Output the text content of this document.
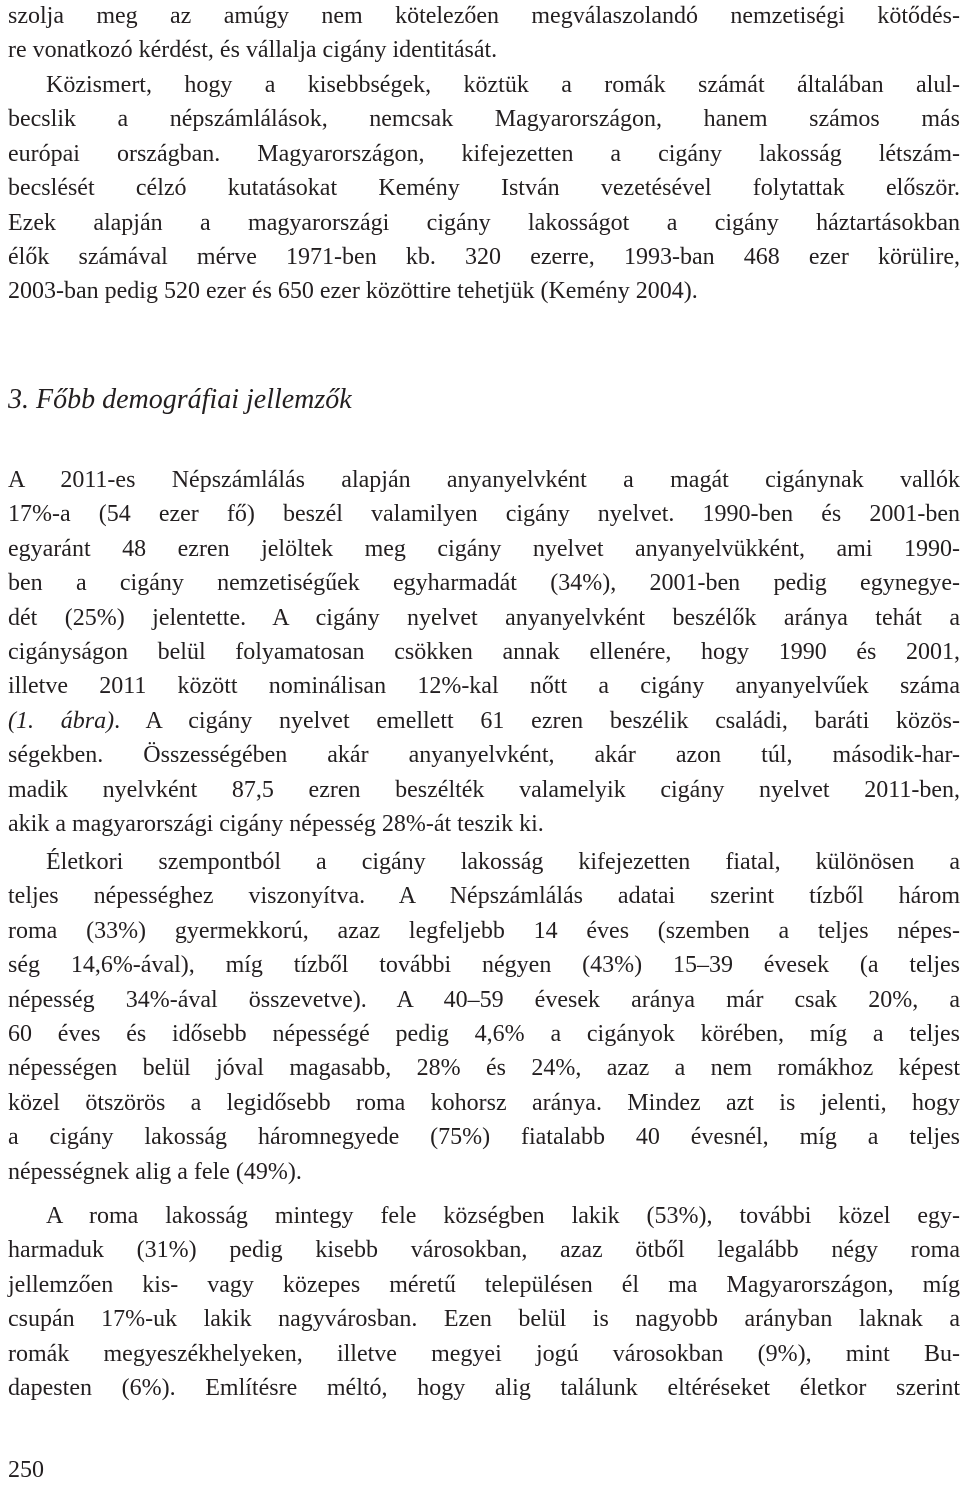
szolja meg az amúgy nem kötelezően megválaszolandó nemzetiségi kötődés-
re vonatkozó kérdést, és vállalja cigány identitását.
Közismert, hogy a kisebbségek, köztük a romák számát általában alul-
becslik a népszámlálások, nemcsak Magyarországon, hanem számos más
európai országban. Magyarországon, kifejezetten a cigány lakosság létszám-
becslését célzó kutatásokat Kemény István vezetésével folytattak először.
Ezek alapján a magyarországi cigány lakosságot a cigány háztartásokban
élők számával mérve 1971-ben kb. 320 ezerre, 1993-ban 468 ezer körülire,
2003-ban pedig 520 ezer és 650 ezer közöttire tehetjük (Kemény 2004).
3. Főbb demográfiai jellemzők
A 2011-es Népszámlálás alapján anyanyelvként a magát cigánynak vallók
17%-a (54 ezer fő) beszél valamilyen cigány nyelvet. 1990-ben és 2001-ben
egyaránt 48 ezren jelöltek meg cigány nyelvet anyanyelvükként, ami 1990-
ben a cigány nemzetiségűek egyharmadát (34%), 2001-ben pedig egynegye-
dét (25%) jelentette. A cigány nyelvet anyanyelvként beszélők aránya tehát a
cigányságon belül folyamatosan csökken annak ellenére, hogy 1990 és 2001,
illetve 2011 között nominálisan 12%-kal nőtt a cigány anyanyelvűek száma
(1. ábra). A cigány nyelvet emellett 61 ezren beszélik családi, baráti közös-
ségekben. Összességében akár anyanyelvként, akár azon túl, második-har-
madik nyelvként 87,5 ezren beszélték valamelyik cigány nyelvet 2011-ben,
akik a magyarországi cigány népesség 28%-át teszik ki.
Életkori szempontból a cigány lakosság kifejezetten fiatal, különösen a
teljes népességhez viszonyítva. A Népszámlálás adatai szerint tízből három
roma (33%) gyermekkorú, azaz legfeljebb 14 éves (szemben a teljes népes-
ség 14,6%-ával), míg tízből további négyen (43%) 15–39 évesek (a teljes
népesség 34%-ával összevetve). A 40–59 évesek aránya már csak 20%, a
60 éves és idősebb népességé pedig 4,6% a cigányok körében, míg a teljes
népességen belül jóval magasabb, 28% és 24%, azaz a nem romákhoz képest
közel ötszörös a legidősebb roma kohorsz aránya. Mindez azt is jelenti, hogy
a cigány lakosság háromnegyede (75%) fiatalabb 40 évesnél, míg a teljes
népességnek alig a fele (49%).
A roma lakosság mintegy fele községben lakik (53%), további közel egy-
harmaduk (31%) pedig kisebb városokban, azaz ötből legalább négy roma
jellemzően kis- vagy közepes méretű településen él ma Magyarországon, míg
csupán 17%-uk lakik nagyvárosban. Ezen belül is nagyobb arányban laknak a
romák megyeszékhelyeken, illetve megyei jogú városokban (9%), mint Bu-
dapesten (6%). Említésre méltó, hogy alig találunk eltéréseket életkor szerint
250
